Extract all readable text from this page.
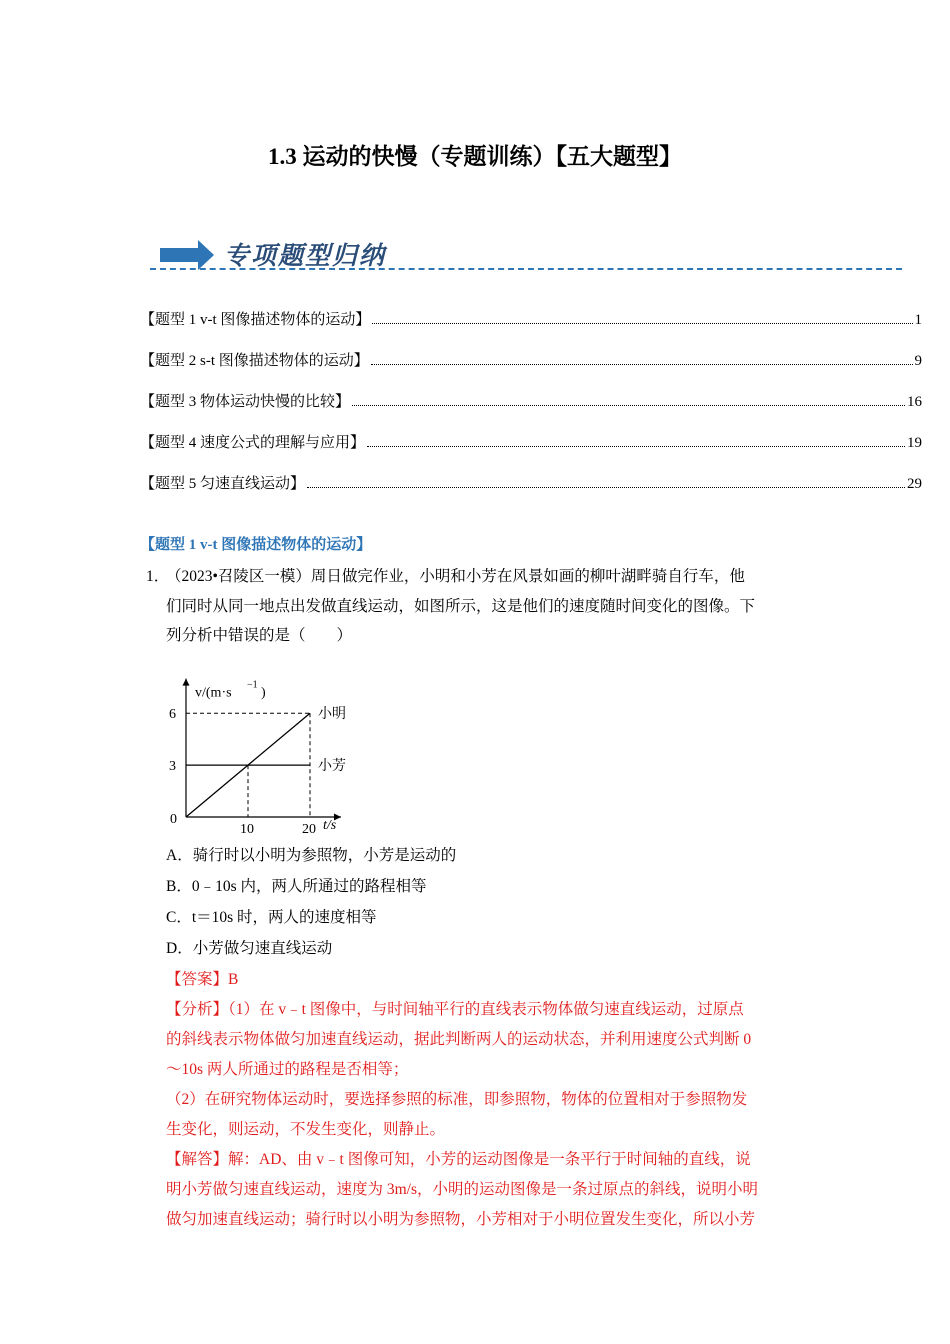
1.3 运动的快慢（专题训练）【五大题型】
专项题型归纳
【题型 1 v-t 图像描述物体的运动】	1
【题型 2 s-t 图像描述物体的运动】	9
【题型 3 物体运动快慢的比较】	16
【题型 4 速度公式的理解与应用】	19
【题型 5 匀速直线运动】	29
【题型 1 v-t 图像描述物体的运动】
1．
（2023•召陵区一模）周日做完作业，小明和小芳在风景如画的柳叶湖畔骑自行车，他
们同时从同一地点出发做直线运动，如图所示，这是他们的速度随时间变化的图像。下
列分析中错误的是（　　）
小明
小芳
6
3
0
10	20 t/s
v/(m·s
−1
)
A．骑行时以小明为参照物，小芳是运动的
B．0﹣10s 内，两人所通过的路程相等
C．t＝10s 时，两人的速度相等
D．小芳做匀速直线运动
【答案】B
【分析】（1）在 v﹣t 图像中，与时间轴平行的直线表示物体做匀速直线运动，过原点
的斜线表示物体做匀加速直线运动，据此判断两人的运动状态，并利用速度公式判断 0
～10s 两人所通过的路程是否相等；
（2）在研究物体运动时，要选择参照的标准，即参照物，物体的位置相对于参照物发
生变化，则运动，不发生变化，则静止。
【解答】解：AD、由 v﹣t 图像可知，小芳的运动图像是一条平行于时间轴的直线，说
明小芳做匀速直线运动，速度为 3m/s，小明的运动图像是一条过原点的斜线，说明小明
做匀加速直线运动；骑行时以小明为参照物，小芳相对于小明位置发生变化，所以小芳
